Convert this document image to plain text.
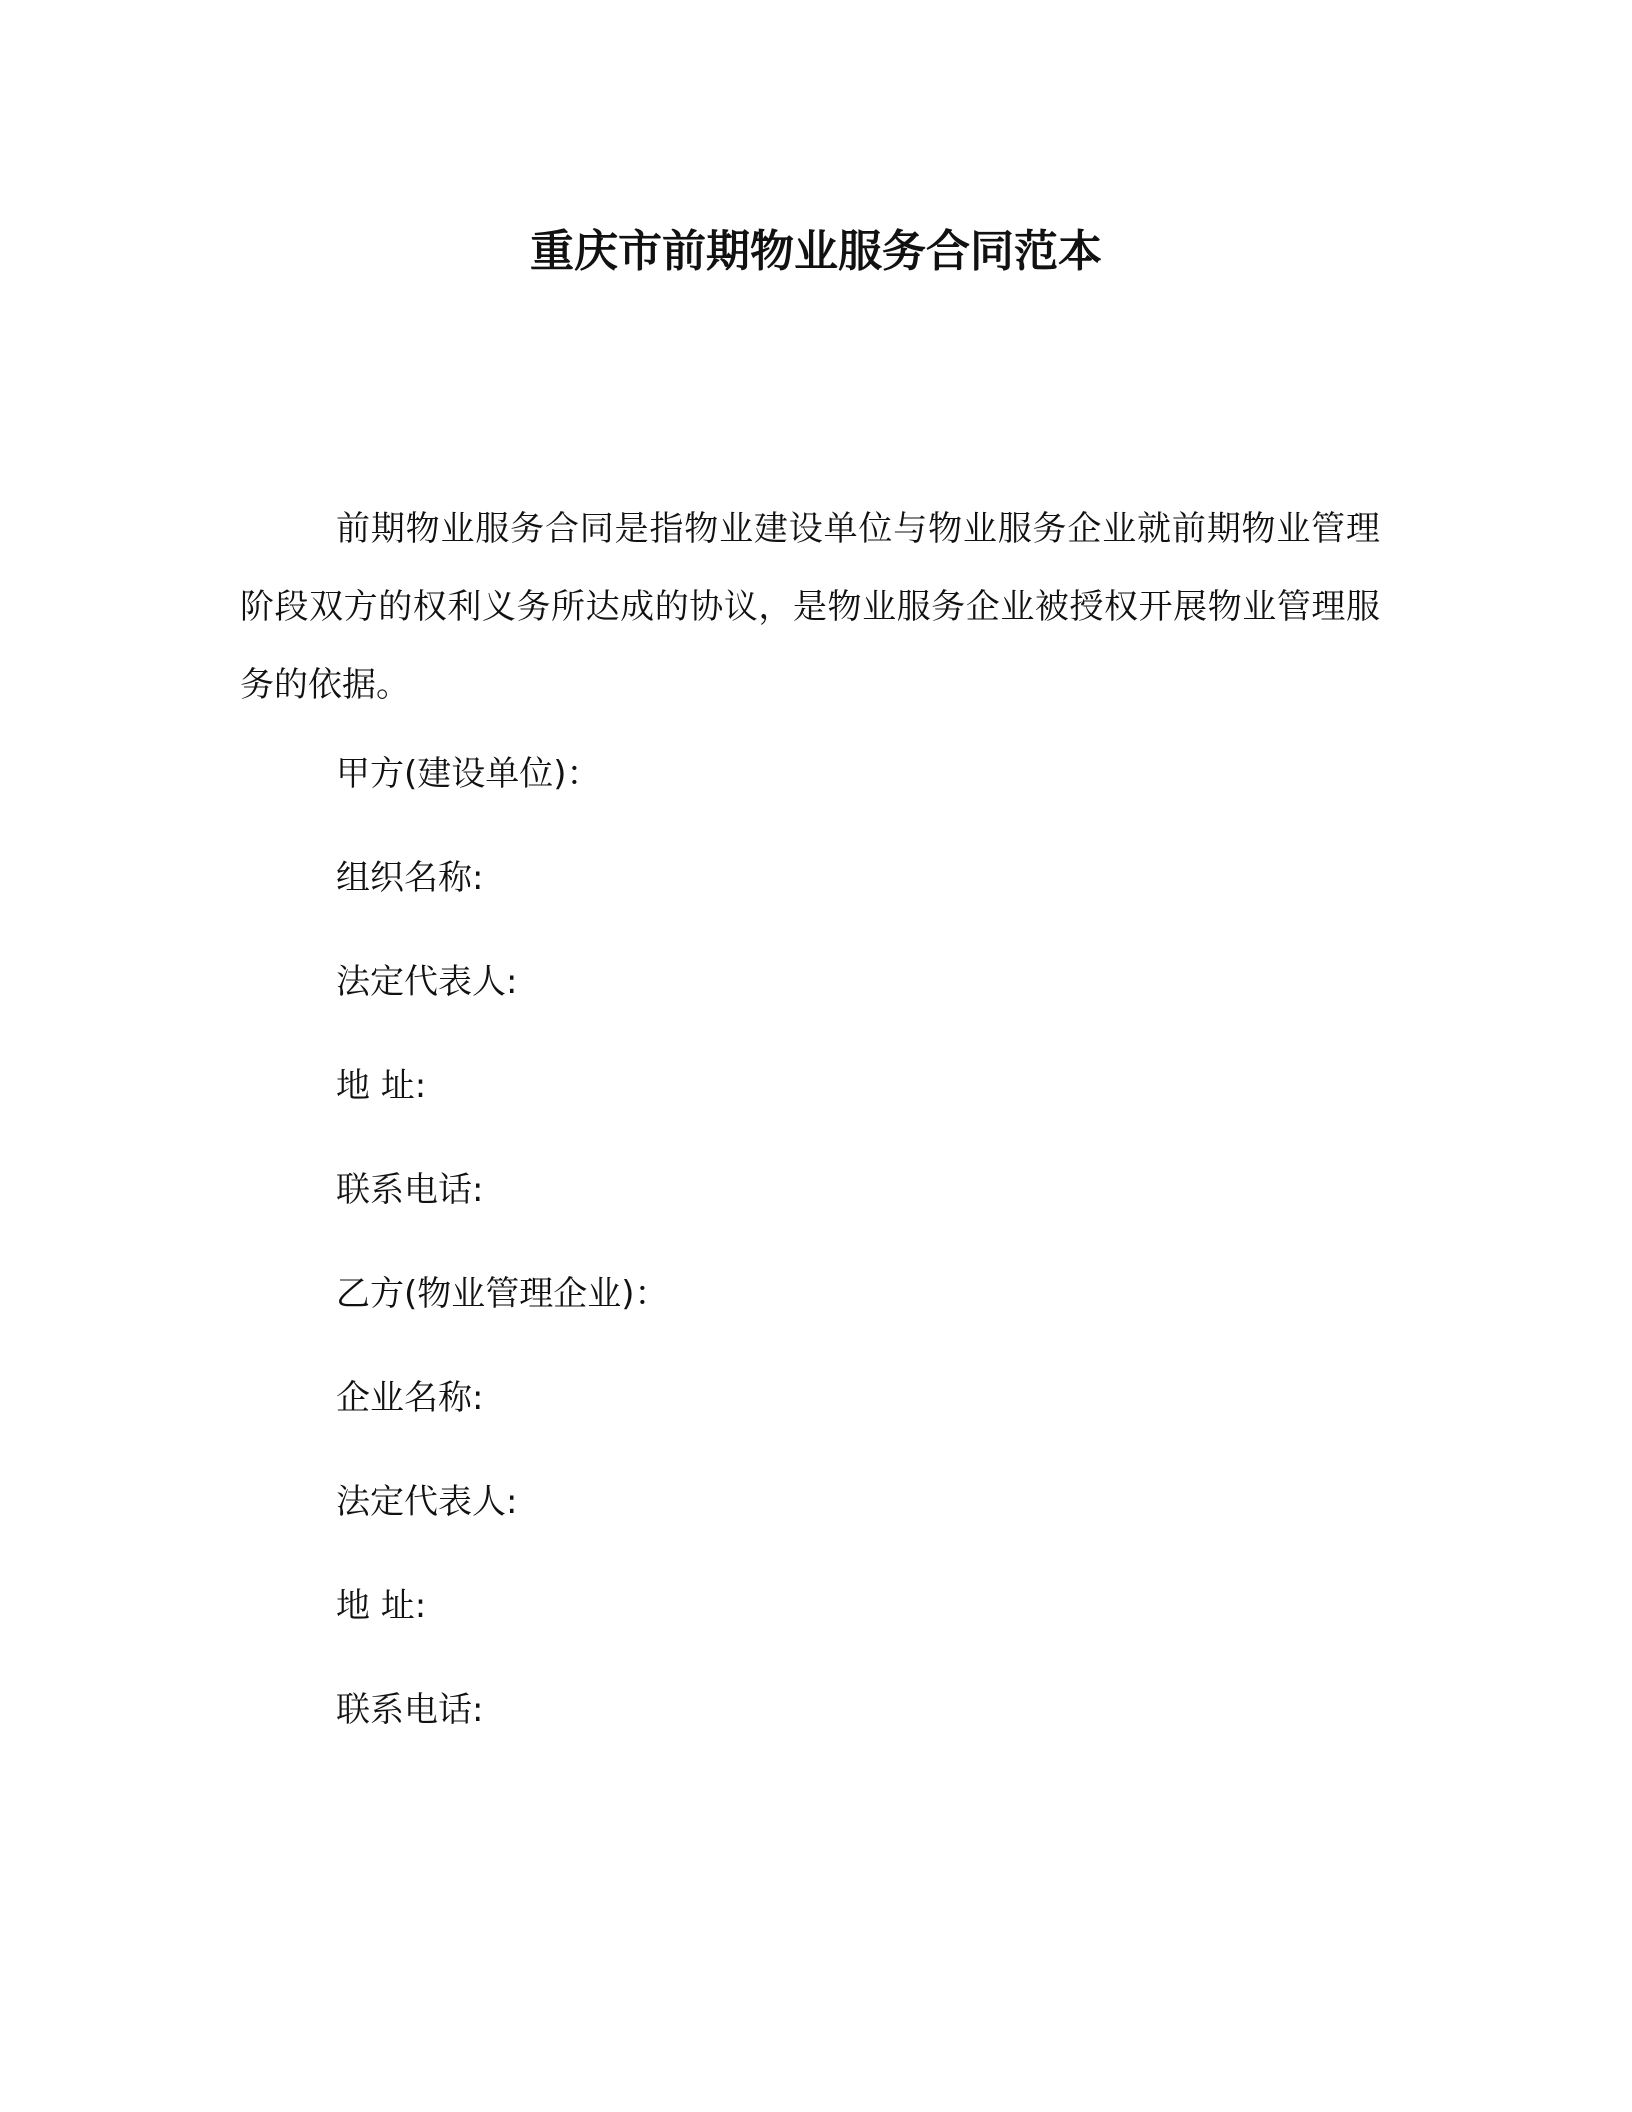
重庆市前期物业服务合同范本

前期物业服务合同是指物业建设单位与物业服务企业就前期物业管理阶段双方的权利义务所达成的协议，是物业服务企业被授权开展物业管理服务的依据。

甲方(建设单位)：
组织名称:
法定代表人:
地 址:
联系电话:
乙方(物业管理企业)：
企业名称:
法定代表人:
地 址:
联系电话:
